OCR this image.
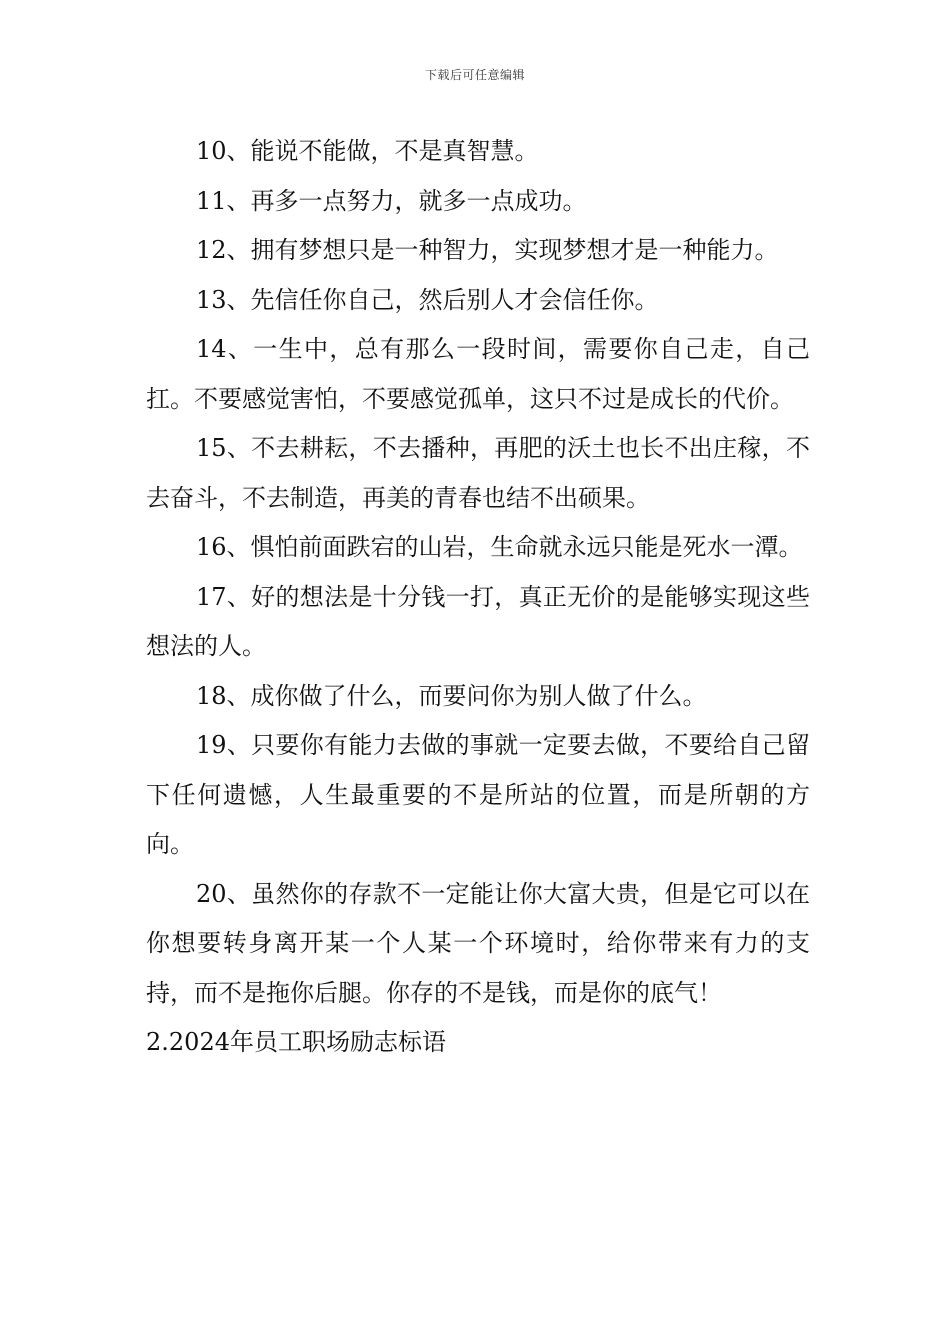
下载后可任意编辑

10、能说不能做，不是真智慧。

11、再多一点努力，就多一点成功。

12、拥有梦想只是一种智力，实现梦想才是一种能力。

13、先信任你自己，然后别人才会信任你。

14、一生中，总有那么一段时间，需要你自己走，自己扛。不要感觉害怕，不要感觉孤单，这只不过是成长的代价。

15、不去耕耘，不去播种，再肥的沃土也长不出庄稼，不去奋斗，不去制造，再美的青春也结不出硕果。

16、惧怕前面跌宕的山岩，生命就永远只能是死水一潭。

17、好的想法是十分钱一打，真正无价的是能够实现这些想法的人。

18、成你做了什么，而要问你为别人做了什么。

19、只要你有能力去做的事就一定要去做，不要给自己留下任何遗憾，人生最重要的不是所站的位置，而是所朝的方向。

20、虽然你的存款不一定能让你大富大贵，但是它可以在你想要转身离开某一个人某一个环境时，给你带来有力的支持，而不是拖你后腿。你存的不是钱，而是你的底气！

2.2024年员工职场励志标语
